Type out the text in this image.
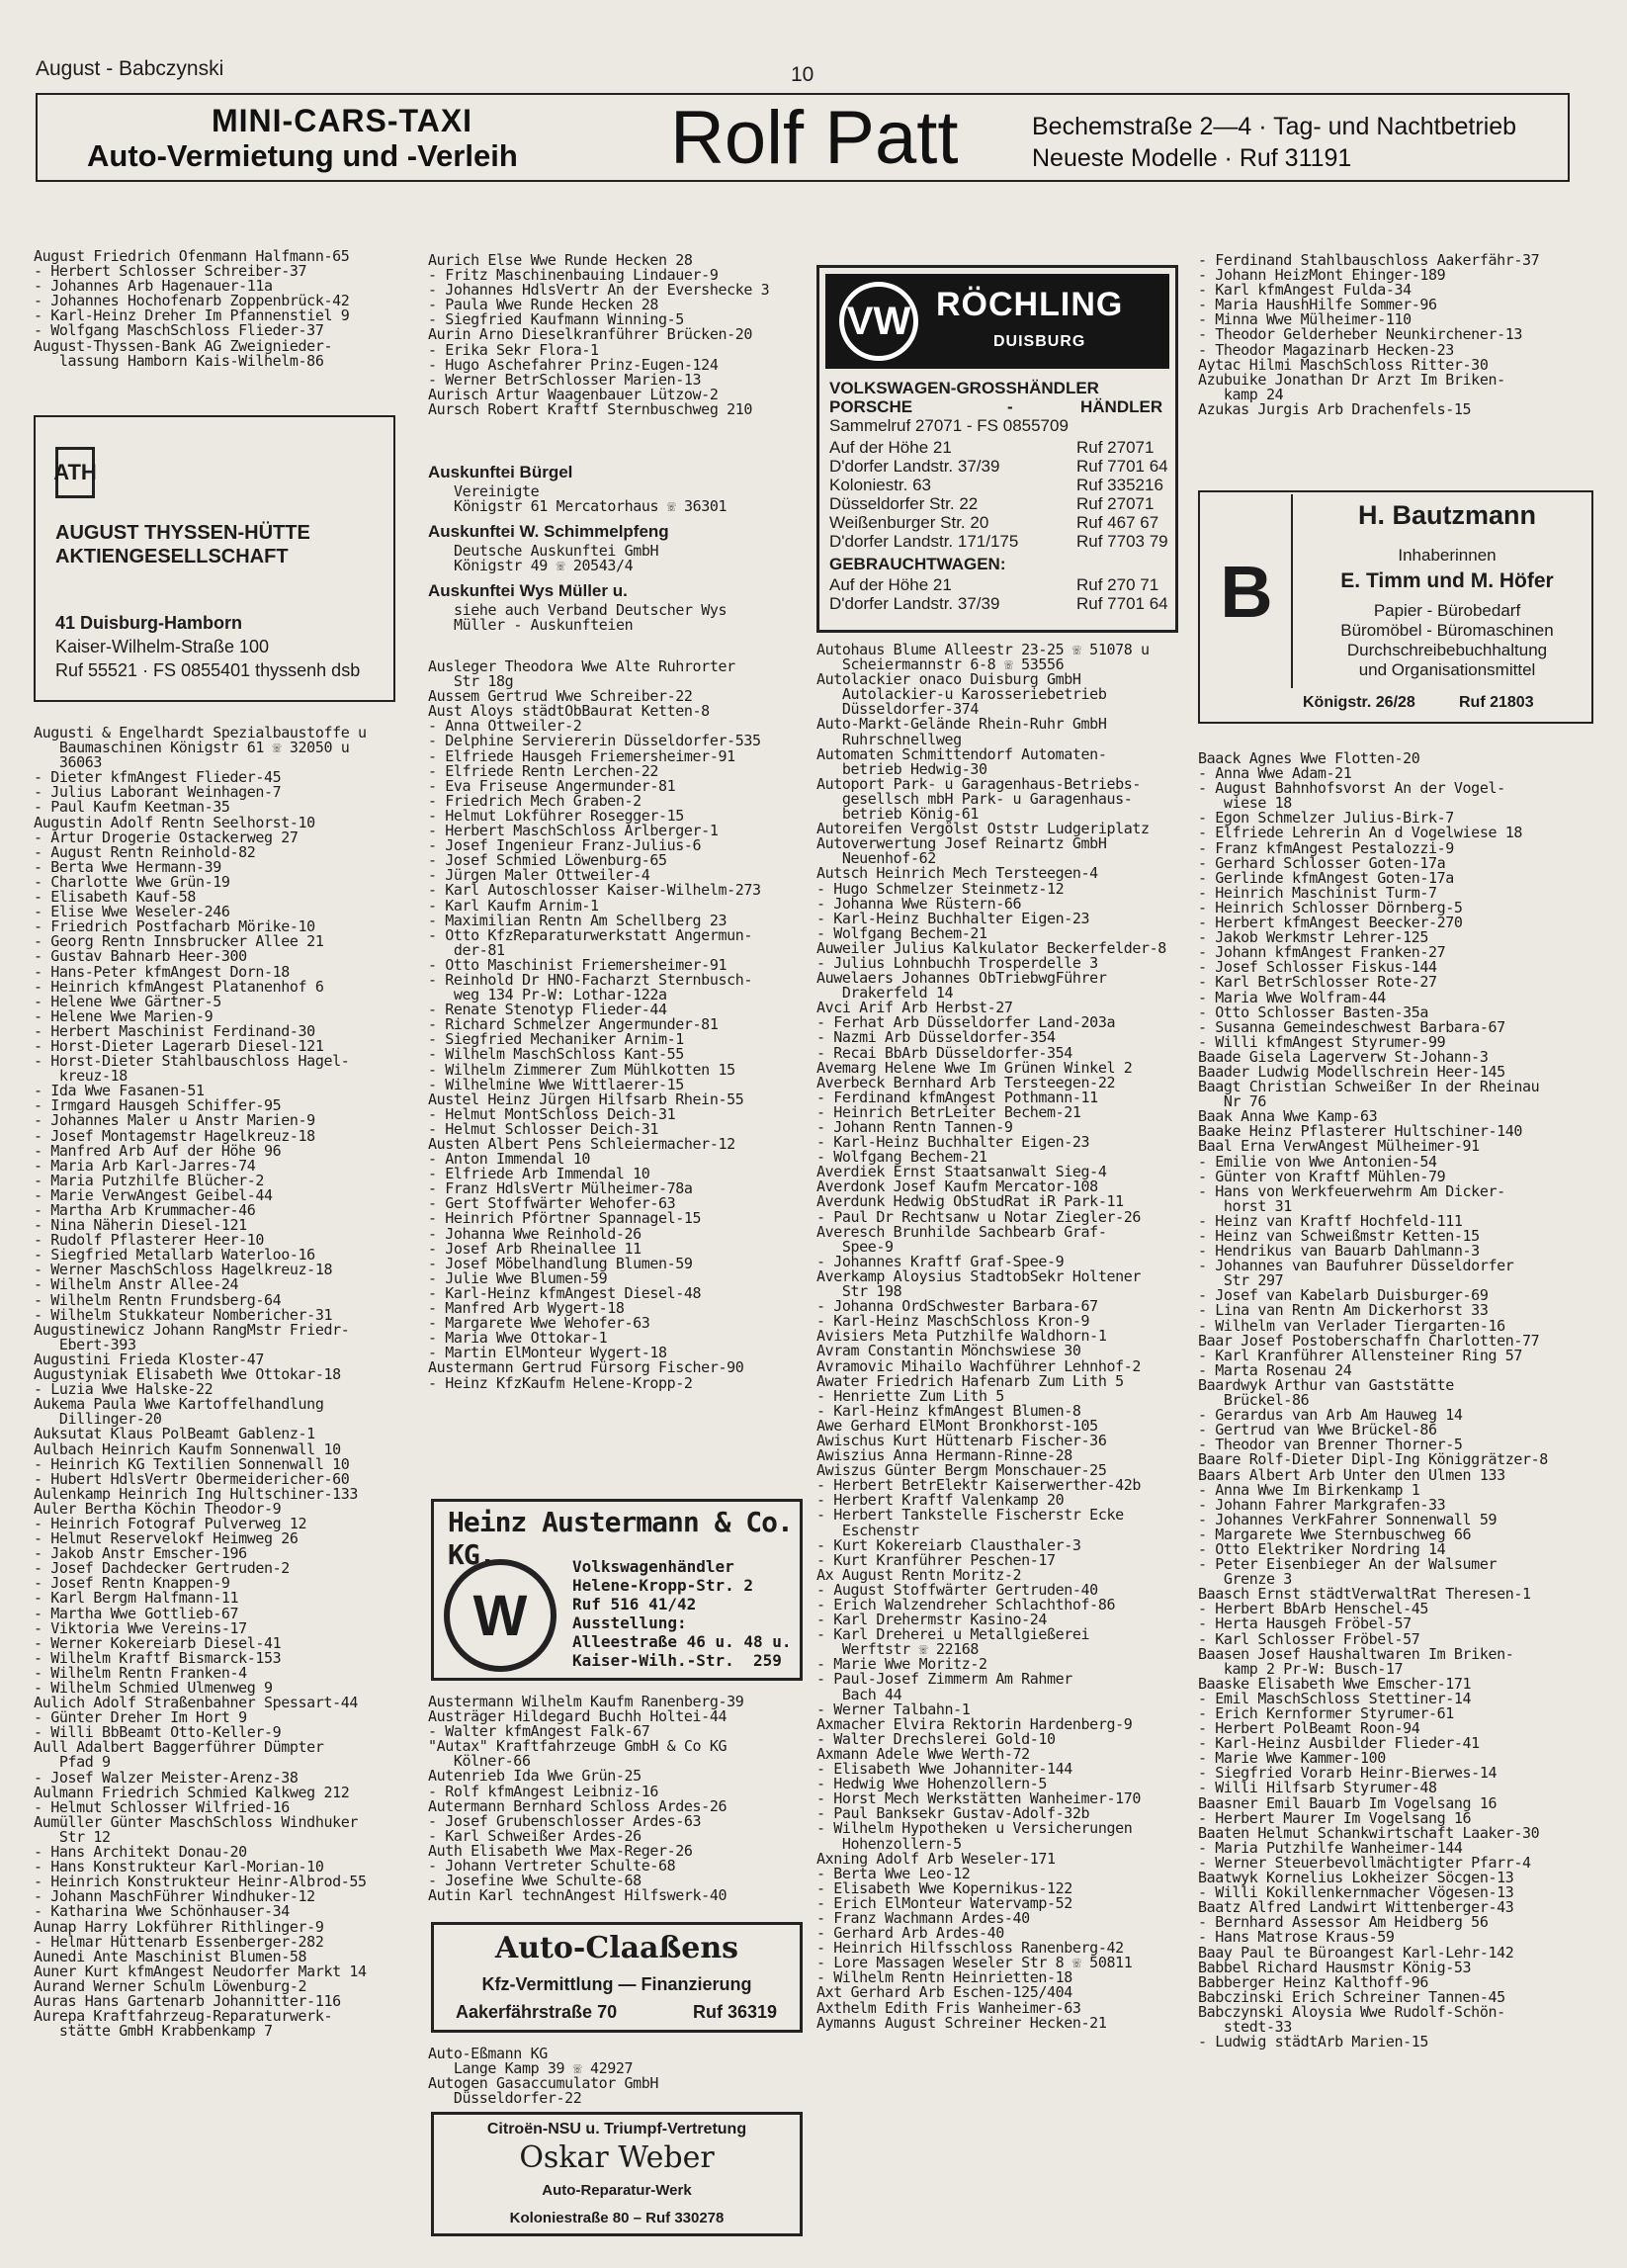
August - Babczynski	10
MINI-CARS-TAXI
Auto-Vermietung und -Verleih Rolf Patt	Bechemstraße 2—4 · Tag- und Nachtbetrieb
Neueste Modelle · Ruf 31191
August Friedrich Ofenmann Halfmann-65
- Herbert Schlosser Schreiber-37
- Johannes Arb Hagenauer-11a
- Johannes Hochofenarb Zoppenbrück-42
- Karl-Heinz Dreher Im Pfannenstiel 9
- Wolfgang MaschSchloss Flieder-37
August-Thyssen-Bank AG Zweignieder-
lassung Hamborn Kais-Wilhelm-86
ATH
AUGUST THYSSEN-HÜTTE
AKTIENGESELLSCHAFT
41 Duisburg-Hamborn
Kaiser-Wilhelm-Straße 100
Ruf 55521 · FS 0855401 thyssenh dsb
Augusti & Engelhardt Spezialbaustoffe u
Baumaschinen Königstr 61 ☏ 32050 u
36063
- Dieter kfmAngest Flieder-45
- Julius Laborant Weinhagen-7
- Paul Kaufm Keetman-35
Augustin Adolf Rentn Seelhorst-10
- Artur Drogerie Ostackerweg 27
- August Rentn Reinhold-82
- Berta Wwe Hermann-39
- Charlotte Wwe Grün-19
- Elisabeth Kauf-58
- Elise Wwe Weseler-246
- Friedrich Postfacharb Mörike-10
- Georg Rentn Innsbrucker Allee 21
- Gustav Bahnarb Heer-300
- Hans-Peter kfmAngest Dorn-18
- Heinrich kfmAngest Platanenhof 6
- Helene Wwe Gärtner-5
- Helene Wwe Marien-9
- Herbert Maschinist Ferdinand-30
- Horst-Dieter Lagerarb Diesel-121
- Horst-Dieter Stahlbauschloss Hagel-
kreuz-18
- Ida Wwe Fasanen-51
- Irmgard Hausgeh Schiffer-95
- Johannes Maler u Anstr Marien-9
- Josef Montagemstr Hagelkreuz-18
- Manfred Arb Auf der Höhe 96
- Maria Arb Karl-Jarres-74
- Maria Putzhilfe Blücher-2
- Marie VerwAngest Geibel-44
- Martha Arb Krummacher-46
- Nina Näherin Diesel-121
- Rudolf Pflasterer Heer-10
- Siegfried Metallarb Waterloo-16
- Werner MaschSchloss Hagelkreuz-18
- Wilhelm Anstr Allee-24
- Wilhelm Rentn Frundsberg-64
- Wilhelm Stukkateur Nombericher-31
Augustinewicz Johann RangMstr Friedr-
Ebert-393
Augustini Frieda Kloster-47
Augustyniak Elisabeth Wwe Ottokar-18
- Luzia Wwe Halske-22
Aukema Paula Wwe Kartoffelhandlung
Dillinger-20
Auksutat Klaus PolBeamt Gablenz-1
Aulbach Heinrich Kaufm Sonnenwall 10
- Heinrich KG Textilien Sonnenwall 10
- Hubert HdlsVertr Obermeidericher-60
Aulenkamp Heinrich Ing Hultschiner-133
Auler Bertha Köchin Theodor-9
- Heinrich Fotograf Pulverweg 12
- Helmut Reservelokf Heimweg 26
- Jakob Anstr Emscher-196
- Josef Dachdecker Gertruden-2
- Josef Rentn Knappen-9
- Karl Bergm Halfmann-11
- Martha Wwe Gottlieb-67
- Viktoria Wwe Vereins-17
- Werner Kokereiarb Diesel-41
- Wilhelm Kraftf Bismarck-153
- Wilhelm Rentn Franken-4
- Wilhelm Schmied Ulmenweg 9
Aulich Adolf Straßenbahner Spessart-44
- Günter Dreher Im Hort 9
- Willi BbBeamt Otto-Keller-9
Aull Adalbert Baggerführer Dümpter
Pfad 9
- Josef Walzer Meister-Arenz-38
Aulmann Friedrich Schmied Kalkweg 212
- Helmut Schlosser Wilfried-16
Aumüller Günter MaschSchloss Windhuker
Str 12
- Hans Architekt Donau-20
- Hans Konstrukteur Karl-Morian-10
- Heinrich Konstrukteur Heinr-Albrod-55
- Johann MaschFührer Windhuker-12
- Katharina Wwe Schönhauser-34
Aunap Harry Lokführer Rithlinger-9
- Helmar Hüttenarb Essenberger-282
Aunedi Ante Maschinist Blumen-58
Auner Kurt kfmAngest Neudorfer Markt 14
Aurand Werner Schulm Löwenburg-2
Auras Hans Gartenarb Johannitter-116
Aurepa Kraftfahrzeug-Reparaturwerk-
stätte GmbH Krabbenkamp 7
Aurich Else Wwe Runde Hecken 28
- Fritz Maschinenbauing Lindauer-9
- Johannes HdlsVertr An der Eversheckе 3
- Paula Wwe Runde Hecken 28
- Siegfried Kaufmann Winning-5
Aurin Arno Dieselkranführer Brücken-20
- Erika Sekr Flora-1
- Hugo Aschefahrer Prinz-Eugen-124
- Werner BetrSchlosser Marien-13
Aurisch Artur Waagenbauer Lützow-2
Aursch Robert Kraftf Sternbuschweg 210
Auskunftei Bürgel
Vereinigte
Königstr 61 Mercatorhaus ☏ 36301
Auskunftei W. Schimmelpfeng
Deutsche Auskunftei GmbH
Königstr 49 ☏ 20543/4
Auskunftei Wys Müller u.
siehe auch Verband Deutscher Wys
Müller - Auskunfteien
Ausleger Theodora Wwe Alte Ruhrorter
Str 18g
Aussem Gertrud Wwe Schreiber-22
Aust Aloys städtObBaurat Ketten-8
- Anna Ottweiler-2
- Delphine Serviererin Düsseldorfer-535
- Elfriede Hausgeh Friemersheimer-91
- Elfriede Rentn Lerchen-22
- Eva Friseuse Angermunder-81
- Friedrich Mech Graben-2
- Helmut Lokführer Rosegger-15
- Herbert MaschSchloss Arlberger-1
- Josef Ingenieur Franz-Julius-6
- Josef Schmied Löwenburg-65
- Jürgen Maler Ottweiler-4
- Karl Autoschlosser Kaiser-Wilhelm-273
- Karl Kaufm Arnim-1
- Maximilian Rentn Am Schellberg 23
- Otto KfzReparaturwerkstatt Angermun-
der-81
- Otto Maschinist Friemersheimer-91
- Reinhold Dr HNO-Facharzt Sternbusch-
weg 134 Pr-W: Lothar-122a
- Renate Stenotyp Flieder-44
- Richard Schmelzer Angermunder-81
- Siegfried Mechaniker Arnim-1
- Wilhelm MaschSchloss Kant-55
- Wilhelm Zimmerer Zum Mühlkotten 15
- Wilhelmine Wwe Wittlaerer-15
Austel Heinz Jürgen Hilfsarb Rhein-55
- Helmut MontSchloss Deich-31
- Helmut Schlosser Deich-31
Austen Albert Pens Schleiermacher-12
- Anton Immendal 10
- Elfriede Arb Immendal 10
- Franz HdlsVertr Mülheimer-78a
- Gert Stoffwärter Wehofer-63
- Heinrich Pförtner Spannagel-15
- Johanna Wwe Reinhold-26
- Josef Arb Rheinallee 11
- Josef Möbelhandlung Blumen-59
- Julie Wwe Blumen-59
- Karl-Heinz kfmAngest Diesel-48
- Manfred Arb Wygert-18
- Margarete Wwe Wehofer-63
- Maria Wwe Ottokar-1
- Martin ElMonteur Wygert-18
Austermann Gertrud Fürsorg Fischer-90
- Heinz KfzKaufm Helene-Kropp-2
Heinz Austermann & Co. KG.
W
Volkswagenhändler
Helene-Kropp-Str. 2
Ruf 516 41/42
Ausstellung:
Alleestraße 46 u. 48 u.
Kaiser-Wilh.-Str.  259
Austermann Wilhelm Kaufm Ranenberg-39
Austräger Hildegard Buchh Holtei-44
- Walter kfmAngest Falk-67
"Autax" Kraftfahrzeuge GmbH & Co KG
Kölner-66
Autenrieb Ida Wwe Grün-25
- Rolf kfmAngest Leibniz-16
Autermann Bernhard Schloss Ardes-26
- Josef Grubenschlosser Ardes-63
- Karl Schweißer Ardes-26
Auth Elisabeth Wwe Max-Reger-26
- Johann Vertreter Schulte-68
- Josefine Wwe Schulte-68
Autin Karl technAngest Hilfswerk-40
Auto-Claaßens
Kfz-Vermittlung — Finanzierung
Aakerfährstraße 70	Ruf 36319
Auto-Eßmann KG
Lange Kamp 39 ☏ 42927
Autogen Gasaccumulator GmbH
Düsseldorfer-22
Citroën-NSU u. Triumpf-Vertretung
Oskar Weber
Auto-Reparatur-Werk
Koloniestraße 80 – Ruf 330278
VW RÖCHLING
DUISBURG
VOLKSWAGEN-GROSSHÄNDLER
PORSCHE	-	HÄNDLER
Sammelruf 27071 - FS 0855709
Auf der Höhe 21	Ruf 27071
D'dorfer Landstr. 37/39	Ruf 7701 64
Koloniestr. 63	Ruf 335216
Düsseldorfer Str. 22	Ruf 27071
Weißenburger Str. 20	Ruf 467 67
D'dorfer Landstr. 171/175	Ruf 7703 79
GEBRAUCHTWAGEN:
Auf der Höhe 21	Ruf 270 71
D'dorfer Landstr. 37/39	Ruf 7701 64
Autohaus Blume Alleestr 23-25 ☏ 51078 u
Scheiermannstr 6-8 ☏ 53556
Autolackier onaco Duisburg GmbH
Autolackier-u Karosseriebetrieb
Düsseldorfer-374
Auto-Markt-Gelände Rhein-Ruhr GmbH
Ruhrschnellweg
Automaten Schmittendorf Automaten-
betrieb Hedwig-30
Autoport Park- u Garagenhaus-Betriebs-
gesellsch mbH Park- u Garagenhaus-
betrieb König-61
Autoreifen Vergölst Oststr Ludgeriplatz
Autoverwertung Josef Reinartz GmbH
Neuenhof-62
Autsch Heinrich Mech Tersteegen-4
- Hugo Schmelzer Steinmetz-12
- Johanna Wwe Rüstern-66
- Karl-Heinz Buchhalter Eigen-23
- Wolfgang Bechem-21
Auweiler Julius Kalkulator Beckerfelder-8
- Julius Lohnbuchh Trosperdelle 3
Auwelaers Johannes ObTriebwgFührer
Drakerfeld 14
Avci Arif Arb Herbst-27
- Ferhat Arb Düsseldorfer Land-203a
- Nazmi Arb Düsseldorfer-354
- Recai BbArb Düsseldorfer-354
Avemarg Helene Wwe Im Grünen Winkel 2
Averbeck Bernhard Arb Tersteegen-22
- Ferdinand kfmAngest Pothmann-11
- Heinrich BetrLeiter Bechem-21
- Johann Rentn Tannen-9
- Karl-Heinz Buchhalter Eigen-23
- Wolfgang Bechem-21
Averdiek Ernst Staatsanwalt Sieg-4
Averdonk Josef Kaufm Mercator-108
Averdunk Hedwig ObStudRat iR Park-11
- Paul Dr Rechtsanw u Notar Ziegler-26
Averesch Brunhilde Sachbearb Graf-
Spee-9
- Johannes Kraftf Graf-Spee-9
Averkamp Aloysius StadtobSekr Holtener
Str 198
- Johanna OrdSchwester Barbara-67
- Karl-Heinz MaschSchloss Kron-9
Avisiers Meta Putzhilfe Waldhorn-1
Avram Constantin Mönchswiese 30
Avramovic Mihailo Wachführer Lehnhof-2
Awater Friedrich Hafenarb Zum Lith 5
- Henriette Zum Lith 5
- Karl-Heinz kfmAngest Blumen-8
Awe Gerhard ElMont Bronkhorst-105
Awischus Kurt Hüttenarb Fischer-36
Awiszius Anna Hermann-Rinne-28
Awiszus Günter Bergm Monschauer-25
- Herbert BetrElektr Kaiserwerther-42b
- Herbert Kraftf Valenkamp 20
- Herbert Tankstelle Fischerstr Ecke
Eschenstr
- Kurt Kokereiarb Clausthaler-3
- Kurt Kranführer Peschen-17
Ax August Rentn Moritz-2
- August Stoffwärter Gertruden-40
- Erich Walzendreher Schlachthof-86
- Karl Drehermstr Kasino-24
- Karl Dreherei u Metallgießerei
Werftstr ☏ 22168
- Marie Wwe Moritz-2
- Paul-Josef Zimmerm Am Rahmer
Bach 44
- Werner Talbahn-1
Axmacher Elvira Rektorin Hardenberg-9
- Walter Drechslerei Gold-10
Axmann Adele Wwe Werth-72
- Elisabeth Wwe Johanniter-144
- Hedwig Wwe Hohenzollern-5
- Horst Mech Werkstätten Wanheimer-170
- Paul Banksekr Gustav-Adolf-32b
- Wilhelm Hypotheken u Versicherungen
Hohenzollern-5
Axning Adolf Arb Weseler-171
- Berta Wwe Leo-12
- Elisabeth Wwe Kopernikus-122
- Erich ElMonteur Watervamp-52
- Franz Wachmann Ardes-40
- Gerhard Arb Ardes-40
- Heinrich Hilfsschloss Ranenberg-42
- Lore Massagen Weseler Str 8 ☏ 50811
- Wilhelm Rentn Heinrietten-18
Axt Gerhard Arb Eschen-125/404
Axthelm Edith Fris Wanheimer-63
Aymanns August Schreiner Hecken-21
- Ferdinand Stahlbauschloss Aakerfähr-37
- Johann HeizMont Ehinger-189
- Karl kfmAngest Fulda-34
- Maria HaushHilfe Sommer-96
- Minna Wwe Mülheimer-110
- Theodor Gelderheber Neunkirchener-13
- Theodor Magazinarb Hecken-23
Aytac Hilmi MaschSchloss Ritter-30
Azubuike Jonathan Dr Arzt Im Briken-
kamp 24
Azukas Jurgis Arb Drachenfels-15
B
H. Bautzmann
Inhaberinnen
E. Timm und M. Höfer
Papier - Bürobedarf
Büromöbel - Büromaschinen
Durchschreibebuchhaltung
und Organisationsmittel
Königstr. 26/28	Ruf 21803
Baack Agnes Wwe Flotten-20
- Anna Wwe Adam-21
- August Bahnhofsvorst An der Vogel-
wiese 18
- Egon Schmelzer Julius-Birk-7
- Elfriede Lehrerin An d Vogelwiese 18
- Franz kfmAngest Pestalozzi-9
- Gerhard Schlosser Goten-17a
- Gerlinde kfmAngest Goten-17a
- Heinrich Maschinist Turm-7
- Heinrich Schlosser Dörnberg-5
- Herbert kfmAngest Beecker-270
- Jakob Werkmstr Lehrer-125
- Johann kfmAngest Franken-27
- Josef Schlosser Fiskus-144
- Karl BetrSchlosser Rote-27
- Maria Wwe Wolfram-44
- Otto Schlosser Basten-35a
- Susanna Gemeindeschwest Barbara-67
- Willi kfmAngest Styrumer-99
Baade Gisela Lagerverw St-Johann-3
Baader Ludwig Modellschrein Heer-145
Baagt Christian Schweißer In der Rheinau
Nr 76
Baak Anna Wwe Kamp-63
Baake Heinz Pflasterer Hultschiner-140
Baal Erna VerwAngest Mülheimer-91
- Emilie von Wwe Antonien-54
- Günter von Kraftf Mühlen-79
- Hans von Werkfeuerwehrm Am Dicker-
horst 31
- Heinz van Kraftf Hochfeld-111
- Heinz van Schweißmstr Ketten-15
- Hendrikus van Bauarb Dahlmann-3
- Johannes van Baufuhrer Düsseldorfer
Str 297
- Josef van Kabelarb Duisburger-69
- Lina van Rentn Am Dickerhorst 33
- Wilhelm van Verlader Tiergarten-16
Baar Josef Postoberschaffn Charlotten-77
- Karl Kranführer Allensteiner Ring 57
- Marta Rosenau 24
Baardwyk Arthur van Gaststätte
Brückel-86
- Gerardus van Arb Am Hauweg 14
- Gertrud van Wwe Brückel-86
- Theodor van Brenner Thorner-5
Baare Rolf-Dieter Dipl-Ing Königgrätzer-8
Baars Albert Arb Unter den Ulmen 133
- Anna Wwe Im Birkenkamp 1
- Johann Fahrer Markgrafen-33
- Johannes VerkFahrer Sonnenwall 59
- Margarete Wwe Sternbuschweg 66
- Otto Elektriker Nordring 14
- Peter Eisenbieger An der Walsumer
Grenze 3
Baasch Ernst städtVerwaltRat Theresen-1
- Herbert BbArb Henschel-45
- Herta Hausgeh Fröbel-57
- Karl Schlosser Fröbel-57
Baasen Josef Haushaltwaren Im Briken-
kamp 2 Pr-W: Busch-17
Baaske Elisabeth Wwe Emscher-171
- Emil MaschSchloss Stettiner-14
- Erich Kernformer Styrumer-61
- Herbert PolBeamt Roon-94
- Karl-Heinz Ausbilder Flieder-41
- Marie Wwe Kammer-100
- Siegfried Vorarb Heinr-Bierwes-14
- Willi Hilfsarb Styrumer-48
Baasner Emil Bauarb Im Vogelsang 16
- Herbert Maurer Im Vogelsang 16
Baaten Helmut Schankwirtschaft Laaker-30
- Maria Putzhilfe Wanheimer-144
- Werner Steuerbevollmächtigter Pfarr-4
Baatwyk Kornelius Lokheizer Söcgen-13
- Willi Kokillenkernmacher Vögesen-13
Baatz Alfred Landwirt Wittenberger-43
- Bernhard Assessor Am Heidberg 56
- Hans Matrose Kraus-59
Baay Paul te Büroangest Karl-Lehr-142
Babbel Richard Hausmstr König-53
Babberger Heinz Kalthoff-96
Babczinski Erich Schreiner Tannen-45
Babczynski Aloysia Wwe Rudolf-Schön-
stedt-33
- Ludwig städtArb Marien-15
